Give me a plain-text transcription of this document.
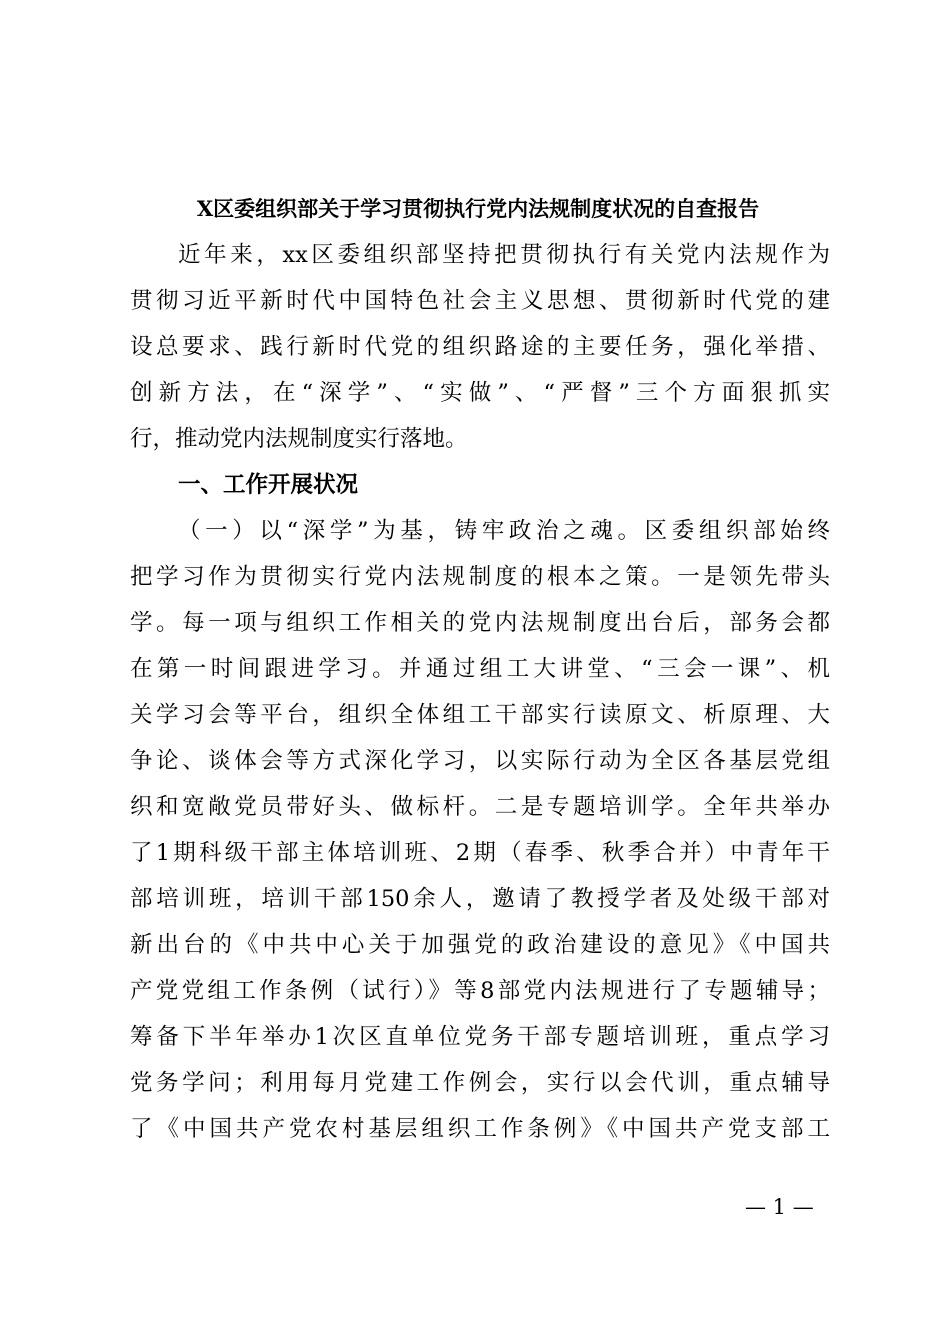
X区委组织部关于学习贯彻执行党内法规制度状况的自查报告
近年来，xx区委组织部坚持把贯彻执行有关党内法规作为
贯彻习近平新时代中国特色社会主义思想、贯彻新时代党的建
设总要求、践行新时代党的组织路途的主要任务，强化举措、
创新方法，在“深学”、“实做”、“严督”三个方面狠抓实
行，推动党内法规制度实行落地。
一、工作开展状况
（一）以“深学”为基，铸牢政治之魂。区委组织部始终
把学习作为贯彻实行党内法规制度的根本之策。一是领先带头
学。每一项与组织工作相关的党内法规制度出台后，部务会都
在第一时间跟进学习。并通过组工大讲堂、“三会一课”、机
关学习会等平台，组织全体组工干部实行读原文、析原理、大
争论、谈体会等方式深化学习，以实际行动为全区各基层党组
织和宽敞党员带好头、做标杆。二是专题培训学。全年共举办
了1期科级干部主体培训班、2期（春季、秋季合并）中青年干
部培训班，培训干部150余人，邀请了教授学者及处级干部对
新出台的《中共中心关于加强党的政治建设的意见》《中国共
产党党组工作条例（试行）》等8部党内法规进行了专题辅导；
筹备下半年举办1次区直单位党务干部专题培训班，重点学习
党务学问；利用每月党建工作例会，实行以会代训，重点辅导
了《中国共产党农村基层组织工作条例》《中国共产党支部工
— 1 —
